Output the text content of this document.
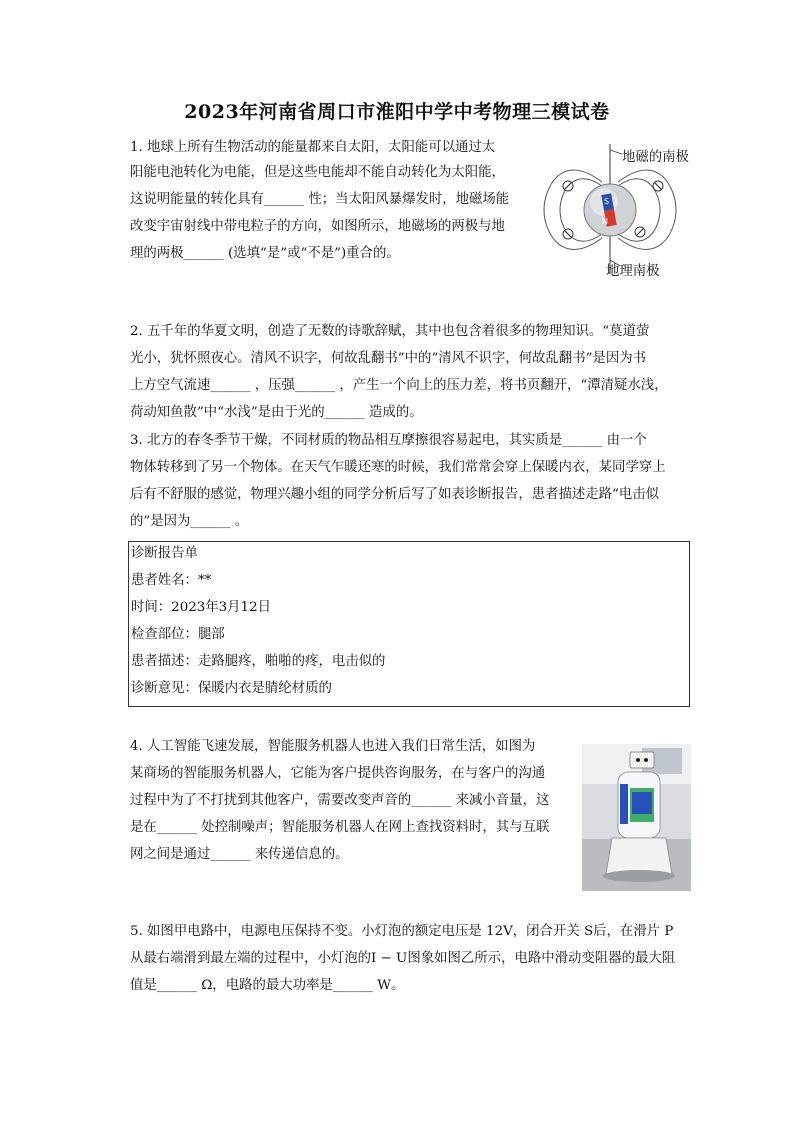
2023年河南省周口市淮阳中学中考物理三模试卷
1. 地球上所有生物活动的能量都来自太阳，太阳能可以通过太
阳能电池转化为电能，但是这些电能却不能自动转化为太阳能，
这说明能量的转化具有______ 性；当太阳风暴爆发时，地磁场能
改变宇宙射线中带电粒子的方向，如图所示，地磁场的两极与地
理的两极______ (选填“是”或“不是”)重合的。
S
N
地磁的南极
地理南极
2. 五千年的华夏文明，创造了无数的诗歌辞赋，其中也包含着很多的物理知识。“莫道萤
光小，犹怀照夜心。清风不识字，何故乱翻书”中的“清风不识字，何故乱翻书”是因为书
上方空气流速______ ，压强______ ，产生一个向上的压力差，将书页翻开，“潭清疑水浅，
荷动知鱼散”中“水浅”是由于光的______ 造成的。
3. 北方的春冬季节干燥，不同材质的物品相互摩擦很容易起电，其实质是______ 由一个
物体转移到了另一个物体。在天气乍暖还寒的时候，我们常常会穿上保暖内衣，某同学穿上
后有不舒服的感觉，物理兴趣小组的同学分析后写了如表诊断报告，患者描述走路“电击似
的”是因为______ 。
诊断报告单
患者姓名：**
时间：2023年3月12日
检查部位：腿部
患者描述：走路腿疼，啪啪的疼，电击似的
诊断意见：保暖内衣是腈纶材质的
4. 人工智能飞速发展，智能服务机器人也进入我们日常生活，如图为
某商场的智能服务机器人，它能为客户提供咨询服务，在与客户的沟通
过程中为了不打扰到其他客户，需要改变声音的______ 来减小音量，这
是在______ 处控制噪声；智能服务机器人在网上查找资料时，其与互联
网之间是通过______ 来传递信息的。
5. 如图甲电路中，电源电压保持不变。小灯泡的额定电压是 12V，闭合开关 S后，在滑片 P
从最右端滑到最左端的过程中，小灯泡的I − U图象如图乙所示，电路中滑动变阻器的最大阻
值是______ Ω，电路的最大功率是______ W。
